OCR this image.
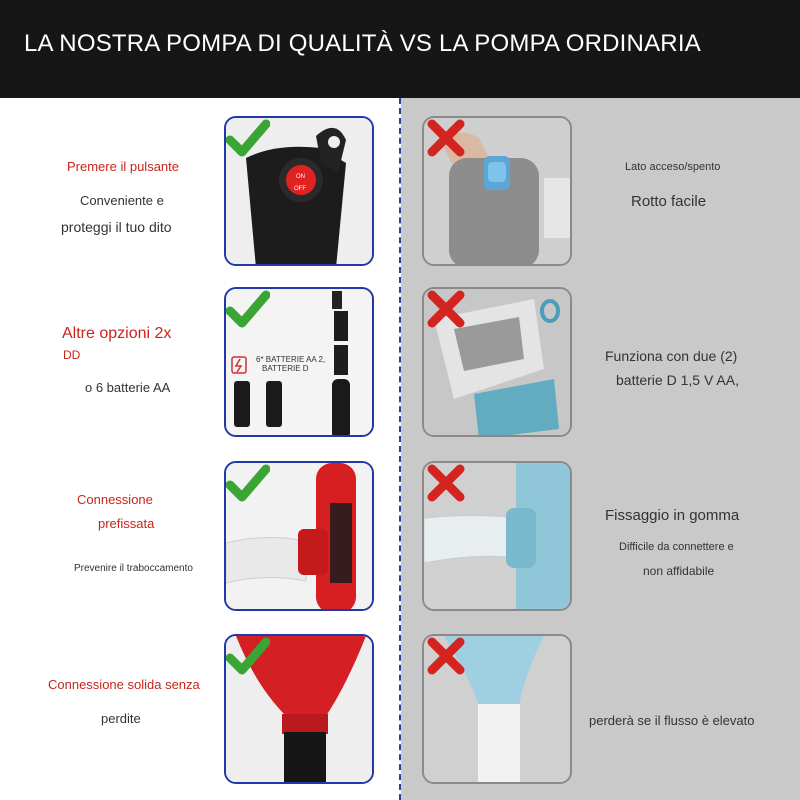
LA NOSTRA POMPA DI QUALITÀ VS LA POMPA ORDINARIA
Premere il pulsante
Conveniente e
proteggi il tuo dito
ON
OFF
Lato acceso/spento
Rotto facile
Altre opzioni 2x
DD
o 6 batterie AA
6* BATTERIE AA 2,
BATTERIE D
Funziona con due (2)
batterie D 1,5 V AA,
Connessione
prefissata
Prevenire il traboccamento
Fissaggio in gomma
Difficile da connettere e
non affidabile
Connessione solida senza
perdite	perderà se il flusso è elevato
